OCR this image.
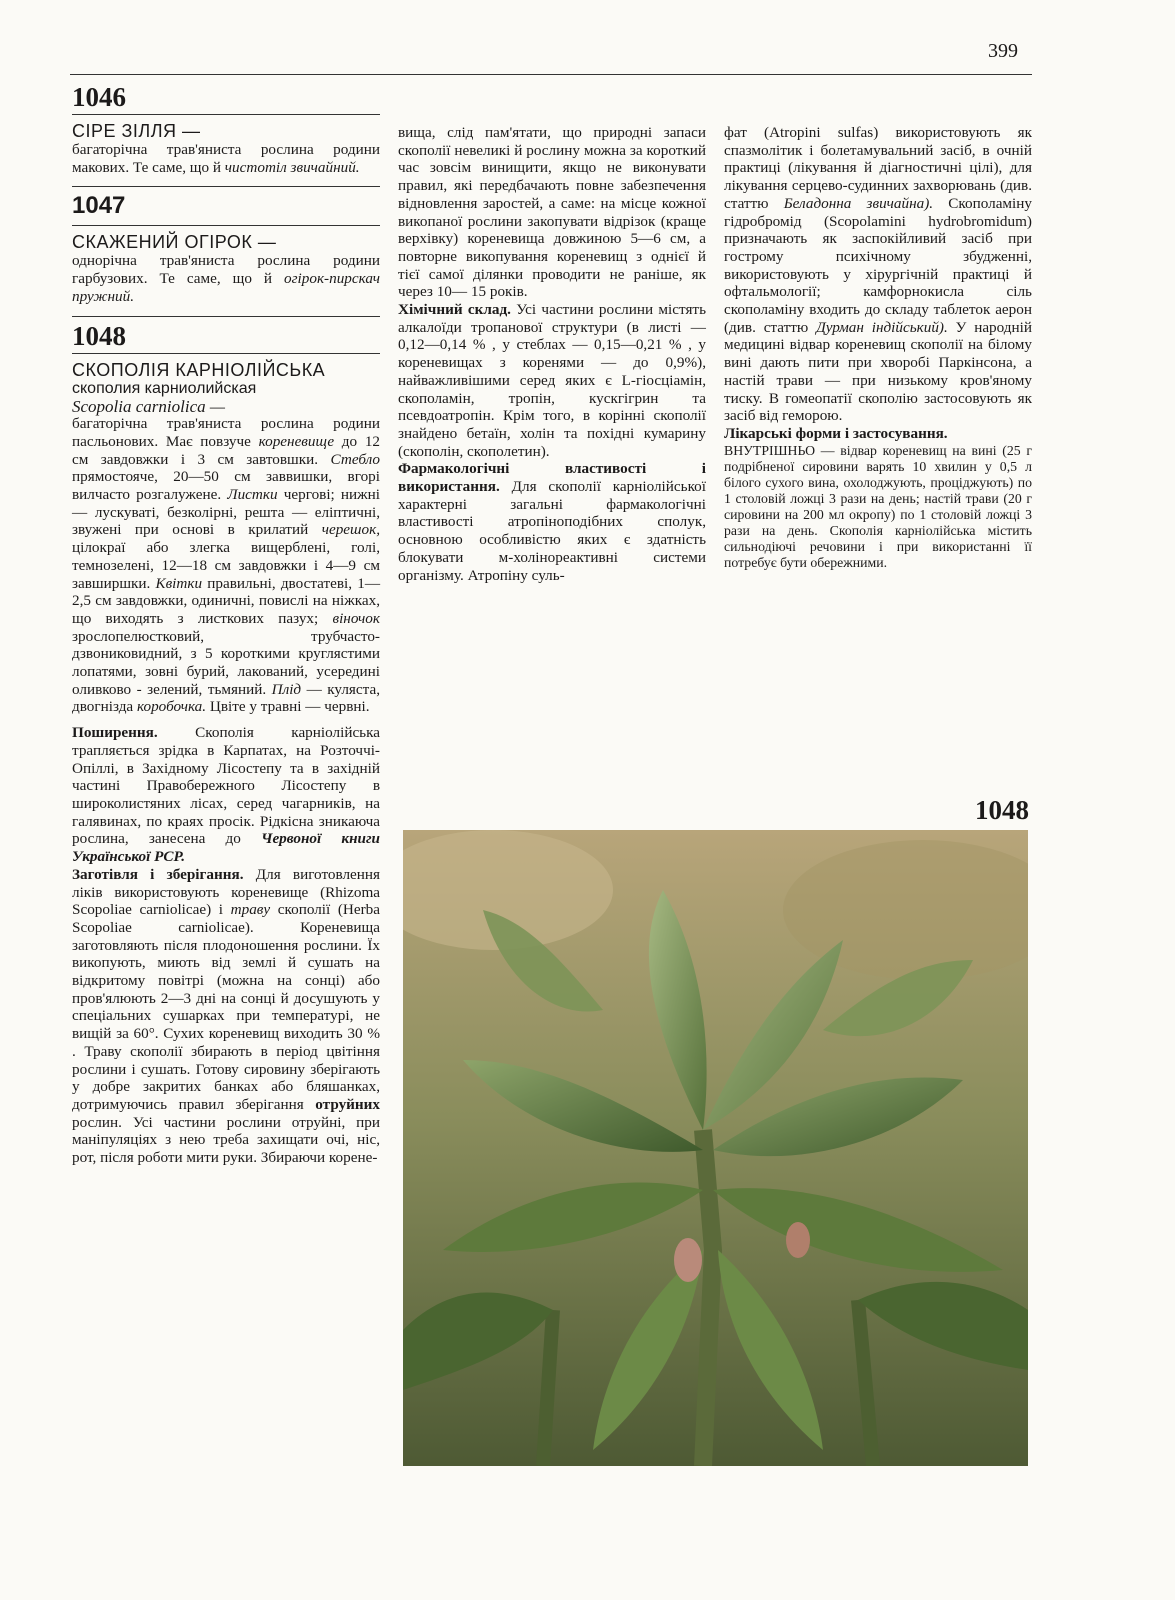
399
1046
СІРЕ ЗІЛЛЯ —

багаторічна трав'яниста рослина родини макових. Те саме, що й чистотіл звичайний.

1047
СКАЖЕНИЙ ОГІРОК —

однорічна трав'яниста рослина родини гарбузових. Те саме, що й огірок-пирскач пружний.

1048
СКОПОЛІЯ КАРНІОЛІЙСЬКА
скополия карниолийская
Scopolia carniolica —

багаторічна трав'яниста рослина родини пасльонових. Має повзуче кореневище до 12 см завдовжки і 3 см завтовшки. Стебло прямостояче, 20—50 см заввишки, вгорі вилчасто розгалужене. Листки чергові; нижні — лускуваті, безколірні, решта — еліптичні, звужені при основі в крилатий черешок, цілокраї або злегка вищерблені, голі, темнозелені, 12—18 см завдовжки і 4—9 см завширшки. Квітки правильні, двостатеві, 1—2,5 см завдовжки, одиничні, повислі на ніжках, що виходять з листкових пазух; віночок зрослопелюстковий, трубчасто-дзвониковидний, з 5 короткими круглястими лопатями, зовні бурий, лакований, усередині оливково - зелений, тьмяний. Плід — куляста, двогнізда коробочка. Цвіте у травні — червні.

Поширення. Скополія карніолійська трапляється зрідка в Карпатах, на Розточчі-Опіллі, в Західному Лісостепу та в західній частині Правобережного Лісостепу в широколистяних лісах, серед чагарників, на галявинах, по краях просік. Рідкісна зникаюча рослина, занесена до Червоної книги Української РСР.

Заготівля і зберігання. Для виготовлення ліків використовують кореневище (Rhizoma Scopoliae carniolicae) і траву скополії (Herba Scopoliae carniolicae). Кореневища заготовляють після плодоношення рослини. Їх викопують, миють від землі й сушать на відкритому повітрі (можна на сонці) або пров'ялюють 2—3 дні на сонці й досушують у спеціальних сушарках при температурі, не вищій за 60°. Сухих кореневищ виходить 30 % . Траву скополії збирають в період цвітіння рослини і сушать. Готову сировину зберігають у добре закритих банках або бляшанках, дотримуючись правил зберігання отруйних рослин. Усі частини рослини отруйні, при маніпуляціях з нею треба захищати очі, ніс, рот, після роботи мити руки. Збираючи корене-

вища, слід пам'ятати, що природні запаси скополії невеликі й рослину можна за короткий час зовсім винищити, якщо не виконувати правил, які передбачають повне забезпечення відновлення заростей, а саме: на місце кожної викопаної рослини закопувати відрізок (краще верхівку) кореневища довжиною 5—6 см, а повторне викопування кореневищ з однієї й тієї самої ділянки проводити не раніше, як через 10— 15 років.

Хімічний склад. Усі частини рослини містять алкалоїди тропанової структури (в листі — 0,12—0,14 % , у стеблах — 0,15—0,21 % , у кореневищах з коренями — до 0,9%), найважливішими серед яких є L-гіосціамін, скополамін, тропін, кускгігрин та псевдоатропін. Крім того, в корінні скополії знайдено бетаїн, холін та похідні кумарину (скополін, скополетин).

Фармакологічні властивості і використання. Для скополії карніолійської характерні загальні фармакологічні властивості атропіноподібних сполук, основною особливістю яких є здатність блокувати м-холінореактивні системи організму. Атропіну суль-

фат (Atropini sulfas) використовують як спазмолітик і болетамувальний засіб, в очній практиці (лікування й діагностичні цілі), для лікування серцево-судинних захворювань (див. статтю Беладонна звичайна). Скополаміну гідробромід (Scopolamini hydrobromidum) призначають як заспокійливий засіб при гострому психічному збудженні, використовують у хірургічній практиці й офтальмології; камфорнокисла сіль скополаміну входить до складу таблеток аерон (див. статтю Дурман індійський). У народній медицині відвар кореневищ скополії на білому вині дають пити при хворобі Паркінсона, а настій трави — при низькому кров'яному тиску. В гомеопатії скополію застосовують як засіб від геморою.

Лікарські форми і застосування.

ВНУТРІШНЬО — відвар кореневищ на вині (25 г подрібненої сировини варять 10 хвилин у 0,5 л білого сухого вина, охолоджують, проціджують) по 1 столовій ложці 3 рази на день; настій трави (20 г сировини на 200 мл окропу) по 1 столовій ложці 3 рази на день. Скополія карніолійська містить сильнодіючі речовини і при використанні її потребує бути обережними.

1048
